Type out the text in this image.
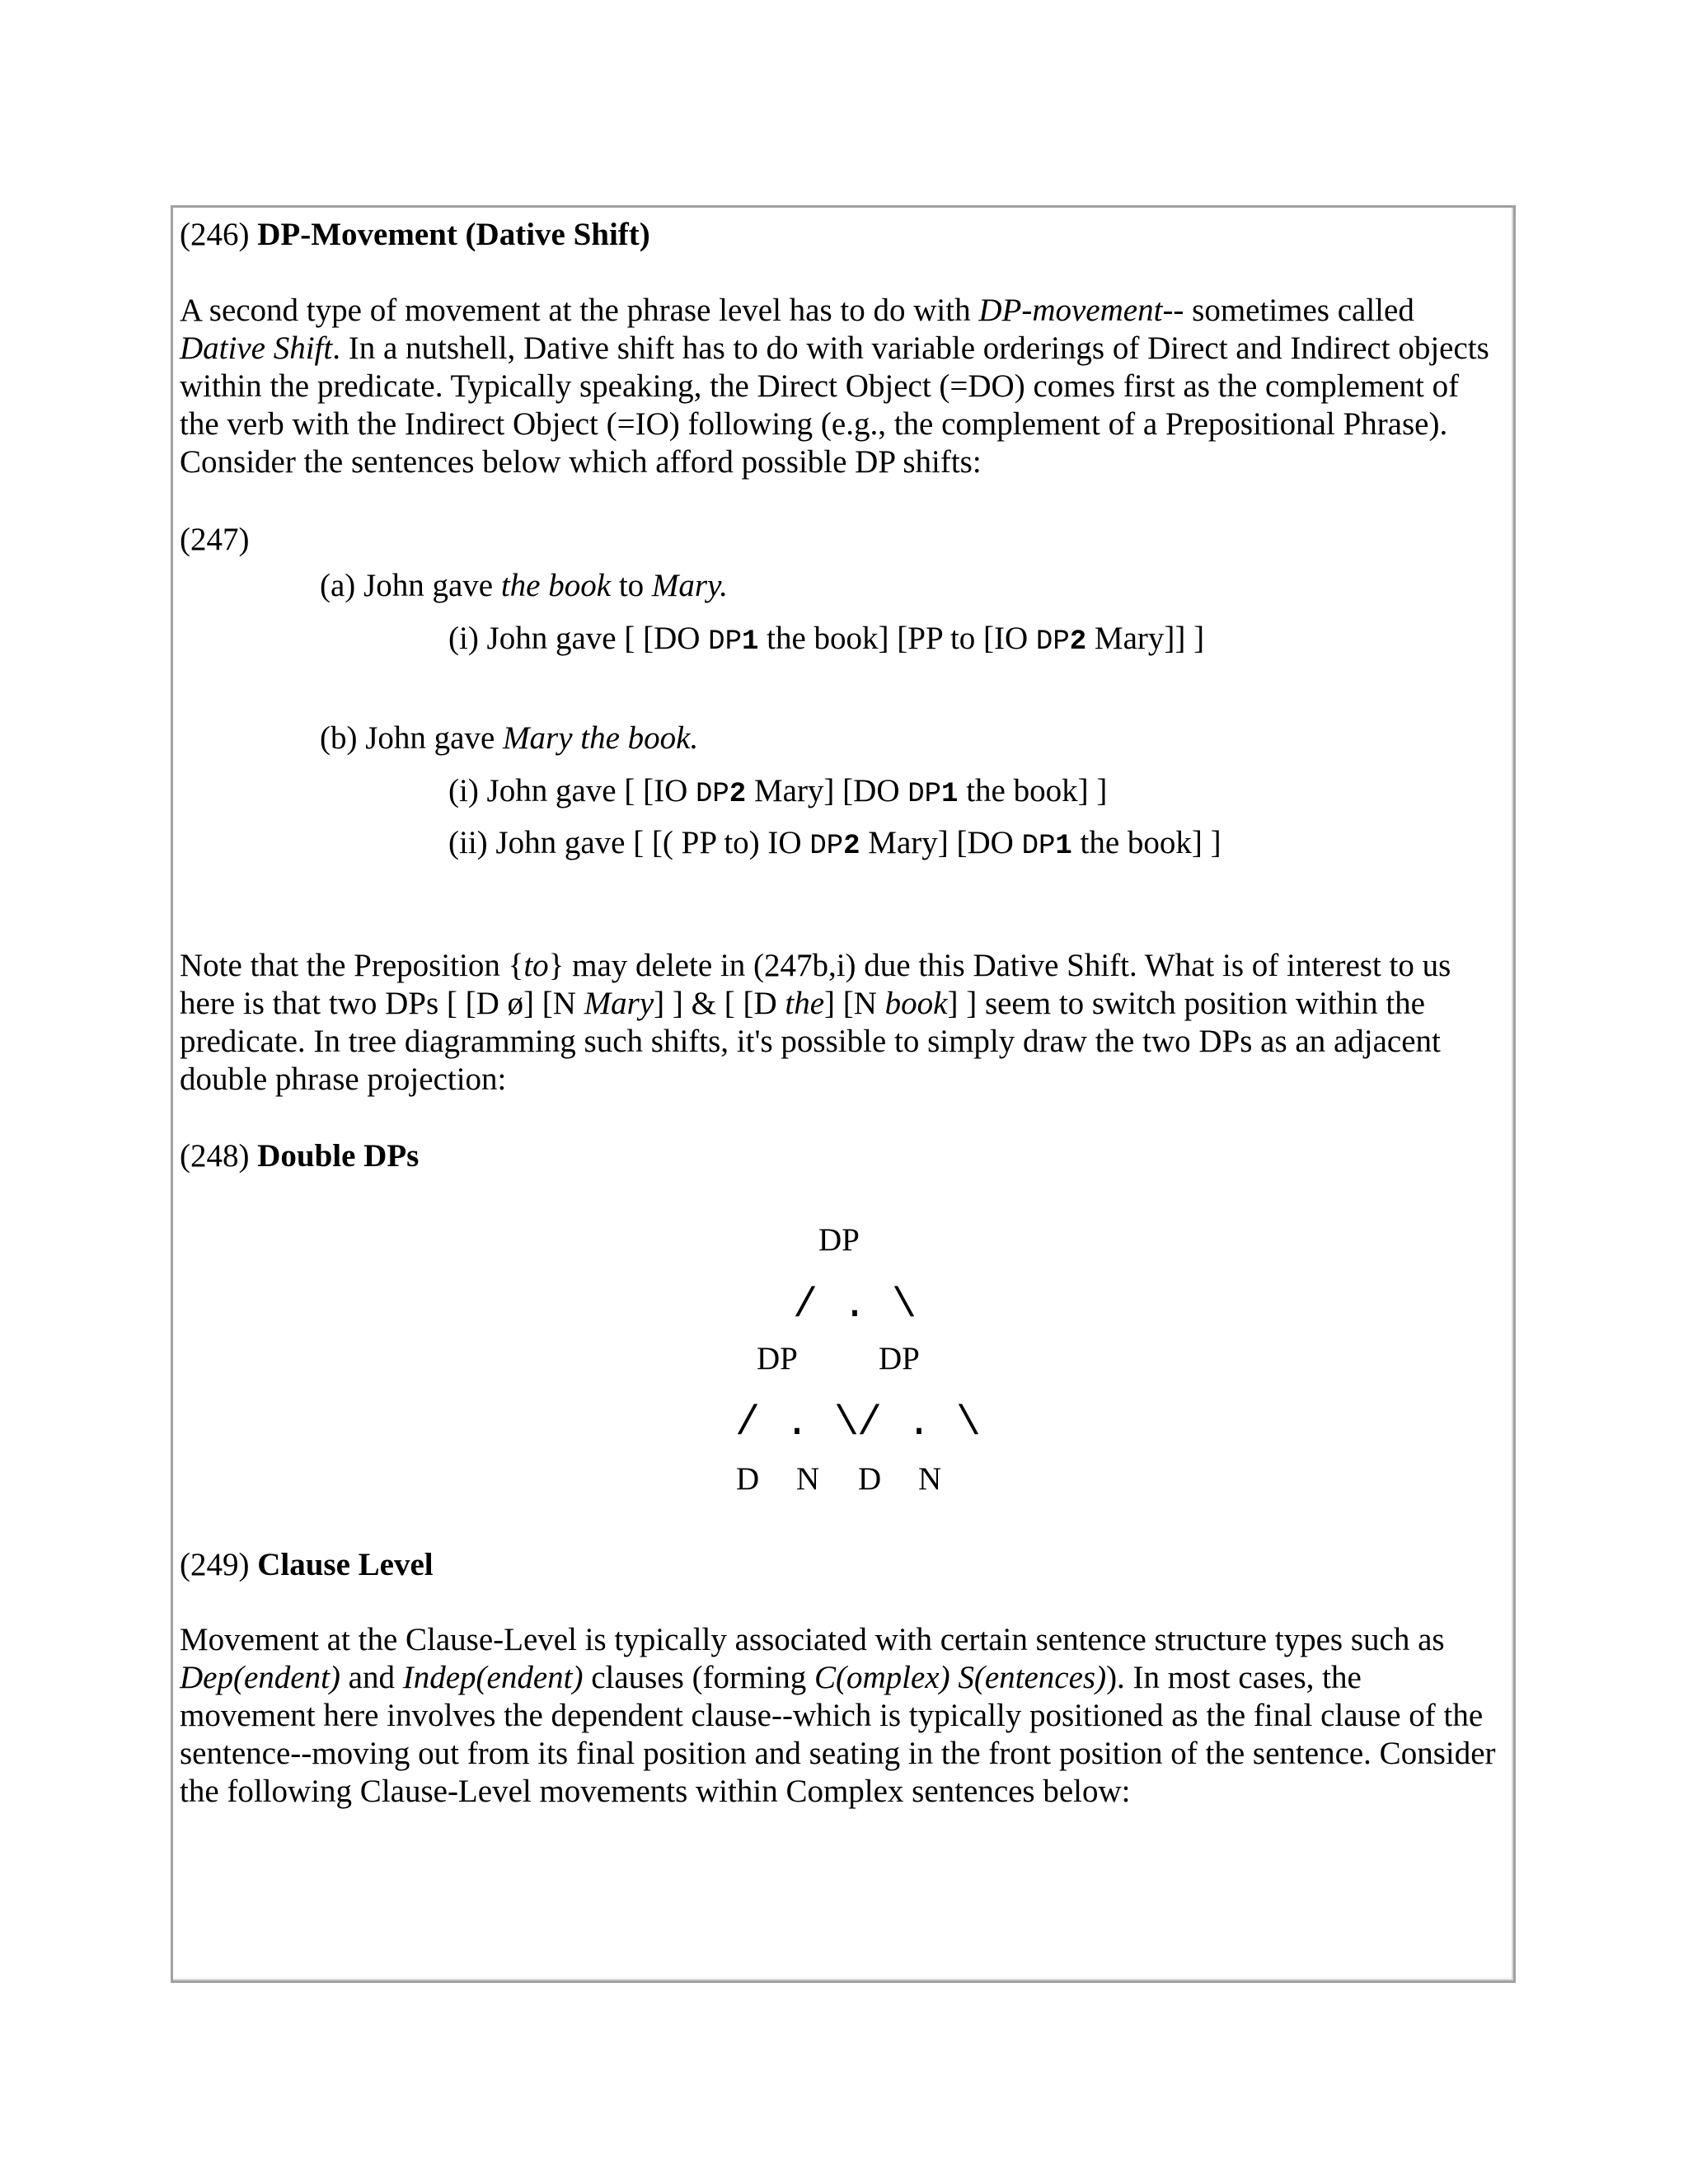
(246) DP-Movement (Dative Shift)
A second type of movement at the phrase level has to do with DP-movement-- sometimes called Dative Shift. In a nutshell, Dative shift has to do with variable orderings of Direct and Indirect objects within the predicate. Typically speaking, the Direct Object (=DO) comes first as the complement of the verb with the Indirect Object (=IO) following (e.g., the complement of a Prepositional Phrase). Consider the sentences below which afford possible DP shifts:
(247)
(a) John gave the book to Mary.
(i) John gave [ [DO DP1 the book] [PP to [IO DP2 Mary]] ]
(b) John gave Mary the book.
(i) John gave [ [IO DP2 Mary] [DO DP1 the book] ]
(ii) John gave [ [( PP to) IO DP2 Mary] [DO DP1 the book] ]
Note that the Preposition {to} may delete in (247b,i) due this Dative Shift. What is of interest to us here is that two DPs [ [D ø] [N Mary] ] & [ [D the] [N book] ] seem to switch position within the predicate. In tree diagramming such shifts, it's possible to simply draw the two DPs as an adjacent double phrase projection:
(248) Double DPs
DP
/ . \
DP	DP
/ . \
/ . \
D N D N
(249) Clause Level
Movement at the Clause-Level is typically associated with certain sentence structure types such as Dep(endent) and Indep(endent) clauses (forming C(omplex) S(entences)). In most cases, the movement here involves the dependent clause--which is typically positioned as the final clause of the sentence--moving out from its final position and seating in the front position of the sentence. Consider the following Clause-Level movements within Complex sentences below:
